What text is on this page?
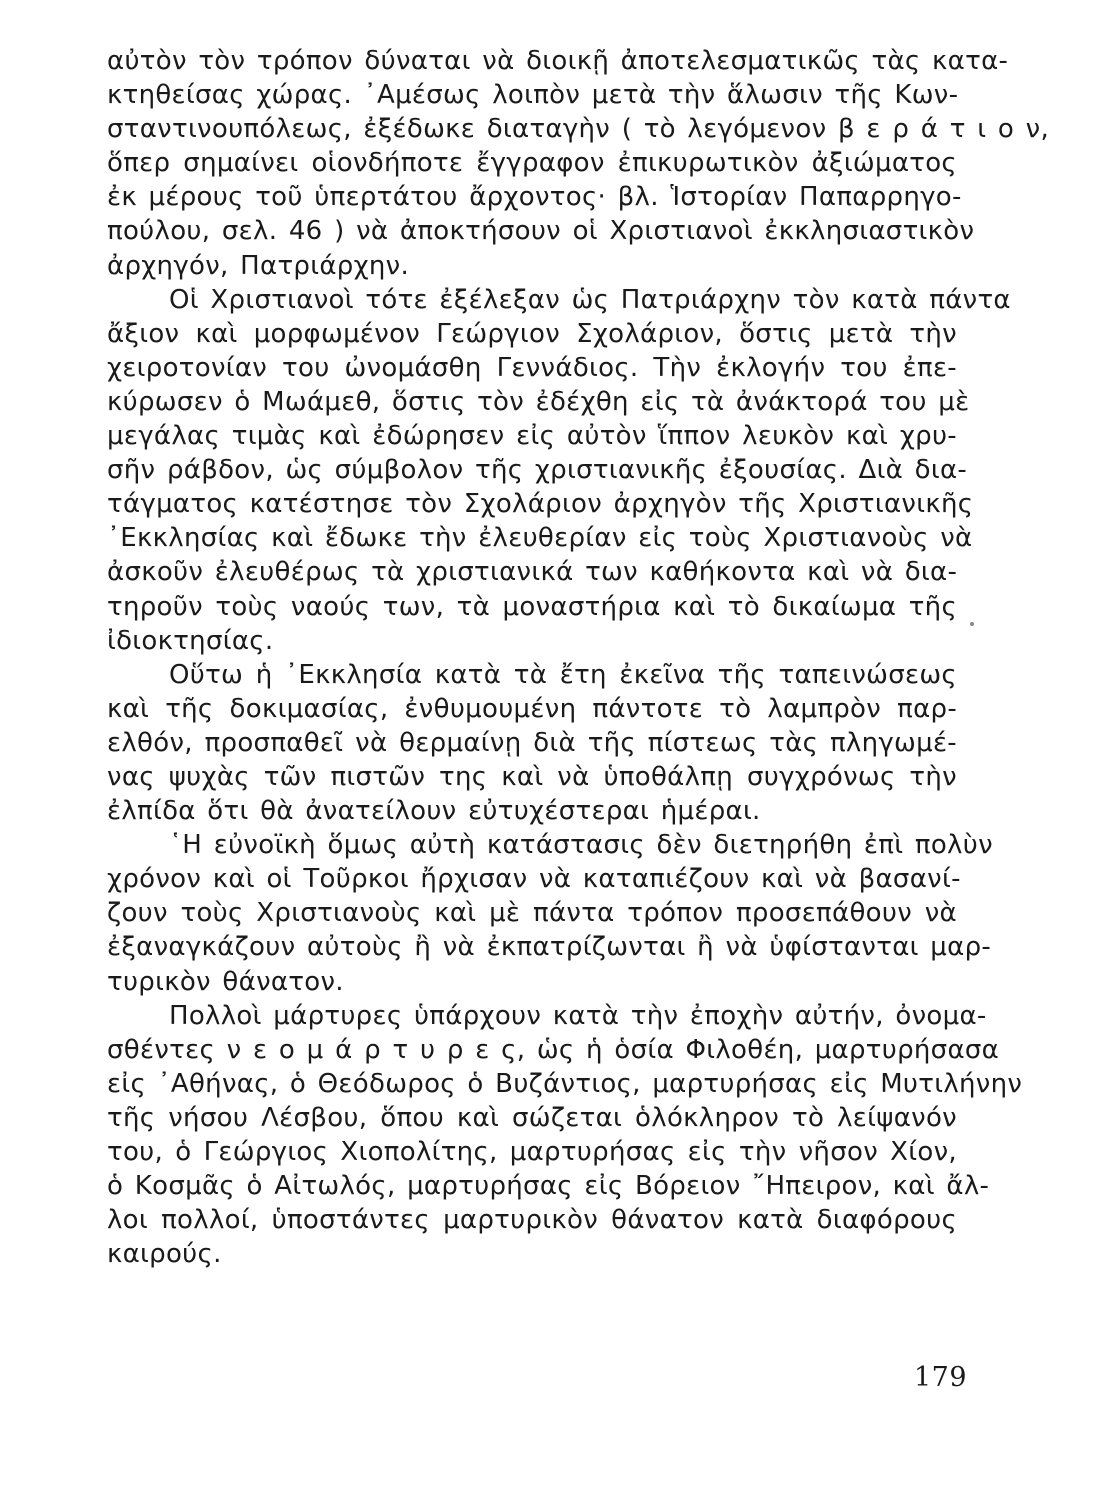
αὐτὸν τὸν τρόπον δύναται νὰ διοικῇ ἀποτελεσματικῶς τὰς κατα-
κτηθείσας χώρας. ᾿Αμέσως λοιπὸν μετὰ τὴν ἅλωσιν τῆς Κων-
σταντινουπόλεως, ἐξέδωκε διαταγὴν ( τὸ λεγόμενον β ε ρ ά τ ι ο ν,
ὅπερ σημαίνει οἱονδήποτε ἔγγραφον ἐπικυρωτικὸν ἀξιώματος
ἐκ μέρους τοῦ ὑπερτάτου ἄρχοντος· βλ. Ἱστορίαν Παπαρρηγο-
πούλου, σελ. 46 ) νὰ ἀποκτήσουν οἱ Χριστιανοὶ ἐκκλησιαστικὸν
ἀρχηγόν, Πατριάρχην.
Οἱ Χριστιανοὶ τότε ἐξέλεξαν ὡς Πατριάρχην τὸν κατὰ πάντα
ἄξιον καὶ μορφωμένον Γεώργιον Σχολάριον, ὅστις μετὰ τὴν
χειροτονίαν του ὠνομάσθη Γεννάδιος. Τὴν ἐκλογήν του ἐπε-
κύρωσεν ὁ Μωάμεθ, ὅστις τὸν ἐδέχθη εἰς τὰ ἀνάκτορά του μὲ
μεγάλας τιμὰς καὶ ἐδώρησεν εἰς αὐτὸν ἵππον λευκὸν καὶ χρυ-
σῆν ράβδον, ὡς σύμβολον τῆς χριστιανικῆς ἐξουσίας. Διὰ δια-
τάγματος κατέστησε τὸν Σχολάριον ἀρχηγὸν τῆς Χριστιανικῆς
᾿Εκκλησίας καὶ ἔδωκε τὴν ἐλευθερίαν εἰς τοὺς Χριστιανοὺς νὰ
ἀσκοῦν ἐλευθέρως τὰ χριστιανικά των καθήκοντα καὶ νὰ δια-
τηροῦν τοὺς ναούς των, τὰ μοναστήρια καὶ τὸ δικαίωμα τῆς
ἰδιοκτησίας.
Οὕτω ἡ ᾿Εκκλησία κατὰ τὰ ἔτη ἐκεῖνα τῆς ταπεινώσεως
καὶ τῆς δοκιμασίας, ἐνθυμουμένη πάντοτε τὸ λαμπρὸν παρ-
ελθόν, προσπαθεῖ νὰ θερμαίνῃ διὰ τῆς πίστεως τὰς πληγωμέ-
νας ψυχὰς τῶν πιστῶν της καὶ νὰ ὑποθάλπῃ συγχρόνως τὴν
ἐλπίδα ὅτι θὰ ἀνατείλουν εὐτυχέστεραι ἡμέραι.
῾Η εὐνοϊκὴ ὅμως αὐτὴ κατάστασις δὲν διετηρήθη ἐπὶ πολὺν
χρόνον καὶ οἱ Τοῦρκοι ἤρχισαν νὰ καταπιέζουν καὶ νὰ βασανί-
ζουν τοὺς Χριστιανοὺς καὶ μὲ πάντα τρόπον προσεπάθουν νὰ
ἐξαναγκάζουν αὐτοὺς ἢ νὰ ἐκπατρίζωνται ἢ νὰ ὑφίστανται μαρ-
τυρικὸν θάνατον.
Πολλοὶ μάρτυρες ὑπάρχουν κατὰ τὴν ἐποχὴν αὐτήν, ὀνομα-
σθέντες ν ε ο μ ά ρ τ υ ρ ε ς, ὡς ἡ ὁσία Φιλοθέη, μαρτυρήσασα
εἰς ᾿Αθήνας, ὁ Θεόδωρος ὁ Βυζάντιος, μαρτυρήσας εἰς Μυτιλήνην
τῆς νήσου Λέσβου, ὅπου καὶ σώζεται ὁλόκληρον τὸ λείψανόν
του, ὁ Γεώργιος Χιοπολίτης, μαρτυρήσας εἰς τὴν νῆσον Χίον,
ὁ Κοσμᾶς ὁ Αἰτωλός, μαρτυρήσας εἰς Βόρειον ῎Ηπειρον, καὶ ἄλ-
λοι πολλοί, ὑποστάντες μαρτυρικὸν θάνατον κατὰ διαφόρους
καιρούς.
179
